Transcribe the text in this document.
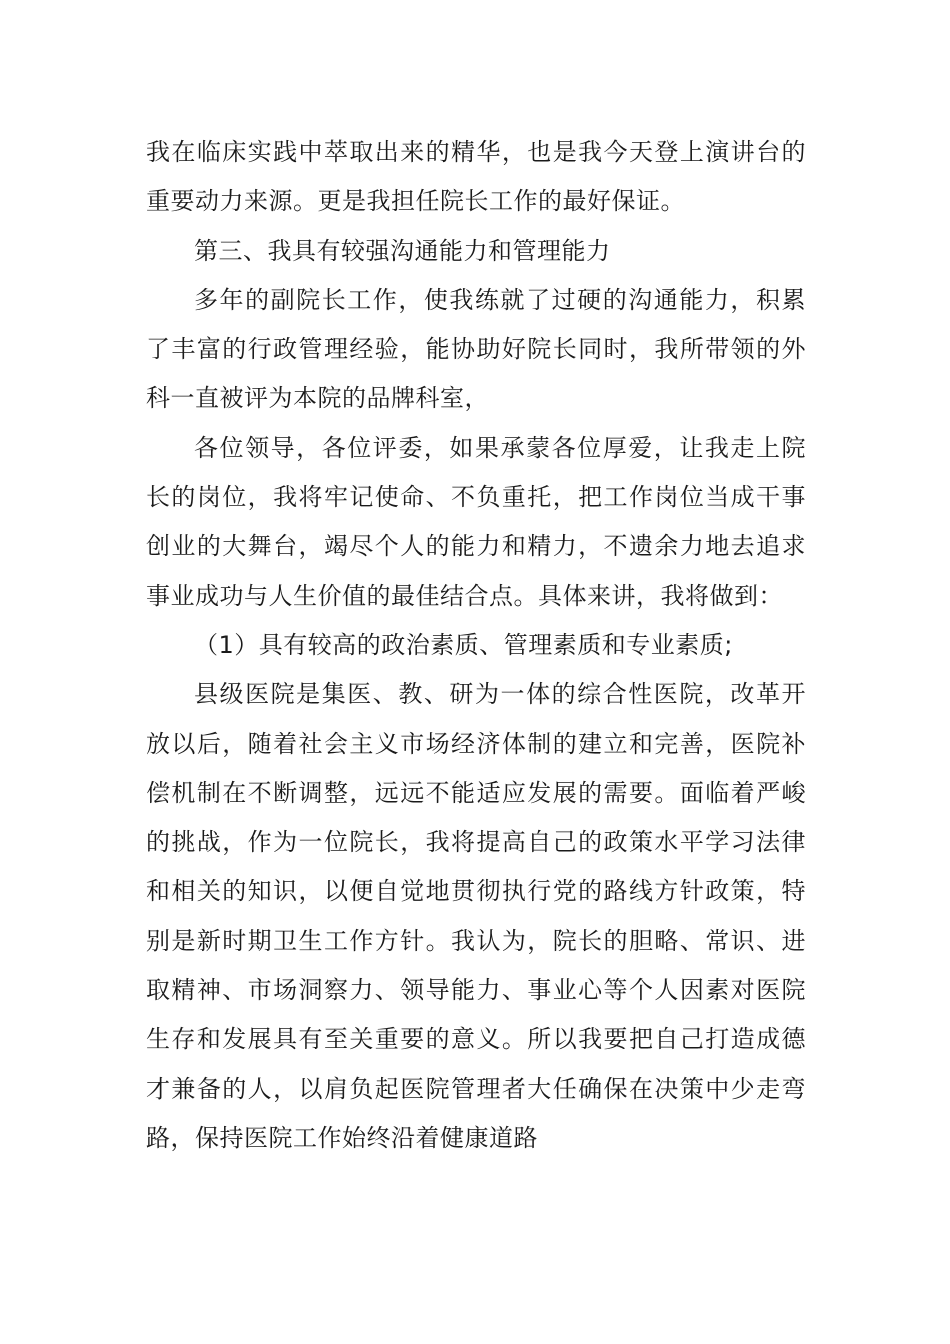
我在临床实践中萃取出来的精华，也是我今天登上演讲台的重要动力来源。更是我担任院长工作的最好保证。

第三、我具有较强沟通能力和管理能力

多年的副院长工作，使我练就了过硬的沟通能力，积累了丰富的行政管理经验，能协助好院长同时，我所带领的外科一直被评为本院的品牌科室，

各位领导，各位评委，如果承蒙各位厚爱，让我走上院长的岗位，我将牢记使命、不负重托，把工作岗位当成干事创业的大舞台，竭尽个人的能力和精力，不遗余力地去追求事业成功与人生价值的最佳结合点。具体来讲，我将做到：

（1）具有较高的政治素质、管理素质和专业素质;

县级医院是集医、教、研为一体的综合性医院，改革开放以后，随着社会主义市场经济体制的建立和完善，医院补偿机制在不断调整，远远不能适应发展的需要。面临着严峻的挑战，作为一位院长，我将提高自己的政策水平学习法律和相关的知识，以便自觉地贯彻执行党的路线方针政策，特别是新时期卫生工作方针。我认为，院长的胆略、常识、进取精神、市场洞察力、领导能力、事业心等个人因素对医院生存和发展具有至关重要的意义。所以我要把自己打造成德才兼备的人，以肩负起医院管理者大任确保在决策中少走弯路，保持医院工作始终沿着健康道路
